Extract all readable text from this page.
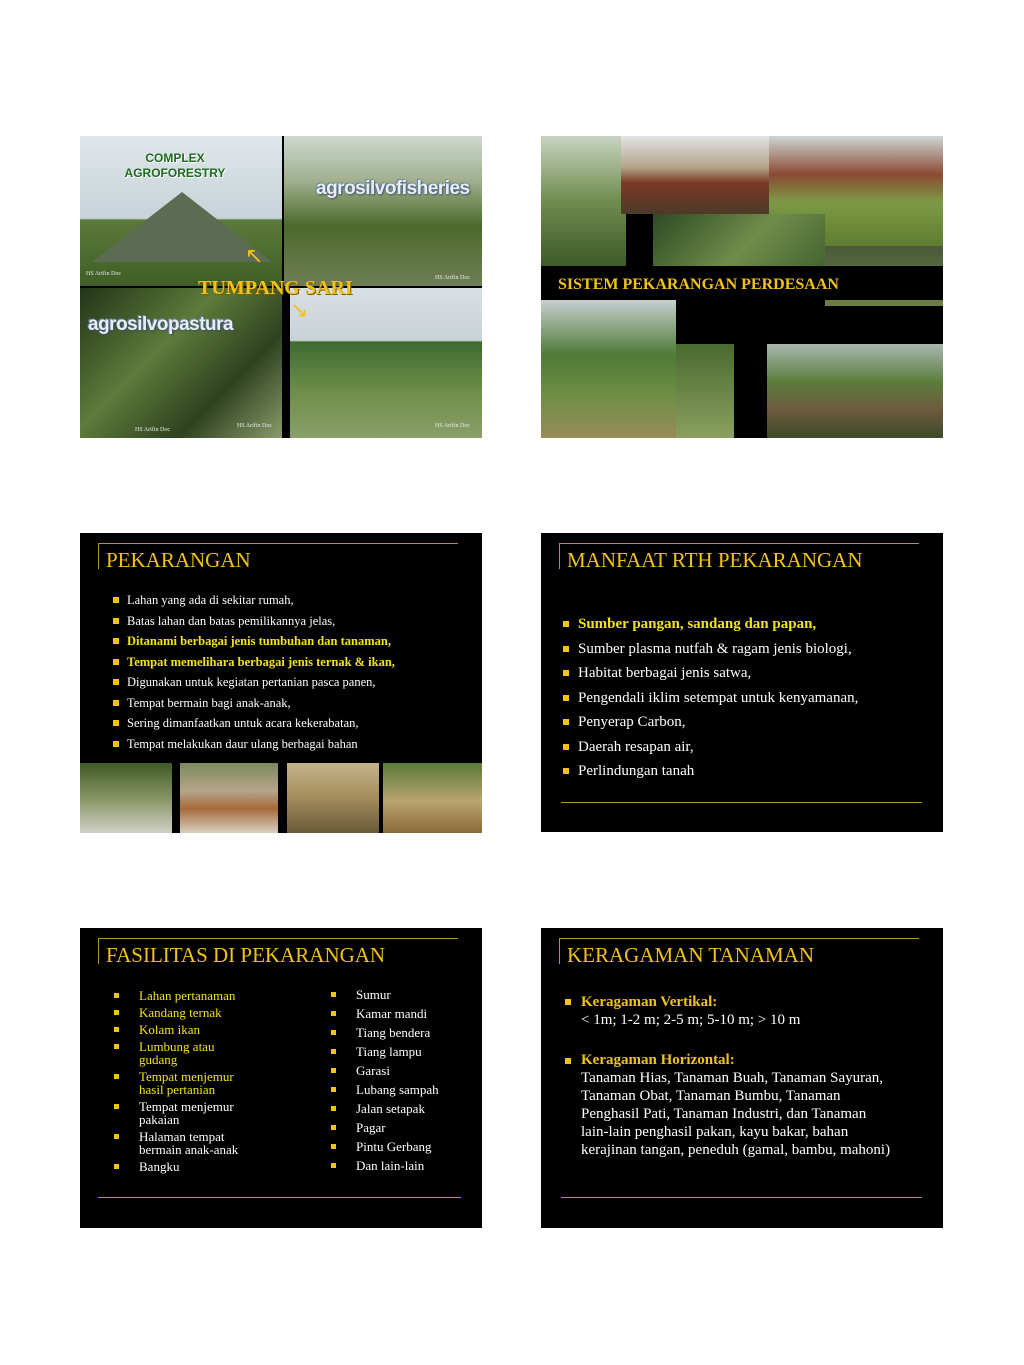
COMPLEX
AGROFORESTRY
agrosilvofisheries
agrosilvopastura
↖
↘
TUMPANG SARI
HS Arifin Doc
HS Arifin Doc
HS Arifin Doc
HS Arifin Doc	HS Arifin Doc
SISTEM PEKARANGAN PERDESAAN
PEKARANGAN
Lahan yang ada di sekitar rumah,
Batas lahan dan batas pemilikannya jelas,
Ditanami berbagai jenis tumbuhan dan tanaman,
Tempat memelihara berbagai jenis ternak & ikan,
Digunakan untuk kegiatan pertanian pasca panen,
Tempat bermain bagi anak-anak,
Sering dimanfaatkan untuk acara kekerabatan,
Tempat melakukan daur ulang berbagai bahan
MANFAAT RTH PEKARANGAN
Sumber pangan, sandang dan papan,
Sumber plasma nutfah & ragam jenis biologi,
Habitat berbagai jenis satwa,
Pengendali iklim setempat untuk kenyamanan,
Penyerap Carbon,
Daerah resapan air,
Perlindungan tanah
FASILITAS DI PEKARANGAN
Lahan pertanaman
Kandang ternak
Kolam ikan
Lumbung atau gudang
Tempat menjemur hasil pertanian
Tempat menjemur pakaian
Halaman tempat bermain anak-anak
Bangku
Sumur
Kamar mandi
Tiang bendera
Tiang lampu
Garasi
Lubang sampah
Jalan setapak
Pagar
Pintu Gerbang
Dan lain-lain
KERAGAMAN TANAMAN
Keragaman Vertikal:
< 1m; 1-2 m; 2-5 m; 5-10 m; > 10 m
Keragaman Horizontal:
Tanaman Hias, Tanaman Buah, Tanaman Sayuran, Tanaman Obat, Tanaman Bumbu, Tanaman Penghasil Pati, Tanaman Industri, dan Tanaman lain-lain penghasil pakan, kayu bakar, bahan kerajinan tangan, peneduh (gamal, bambu, mahoni)
